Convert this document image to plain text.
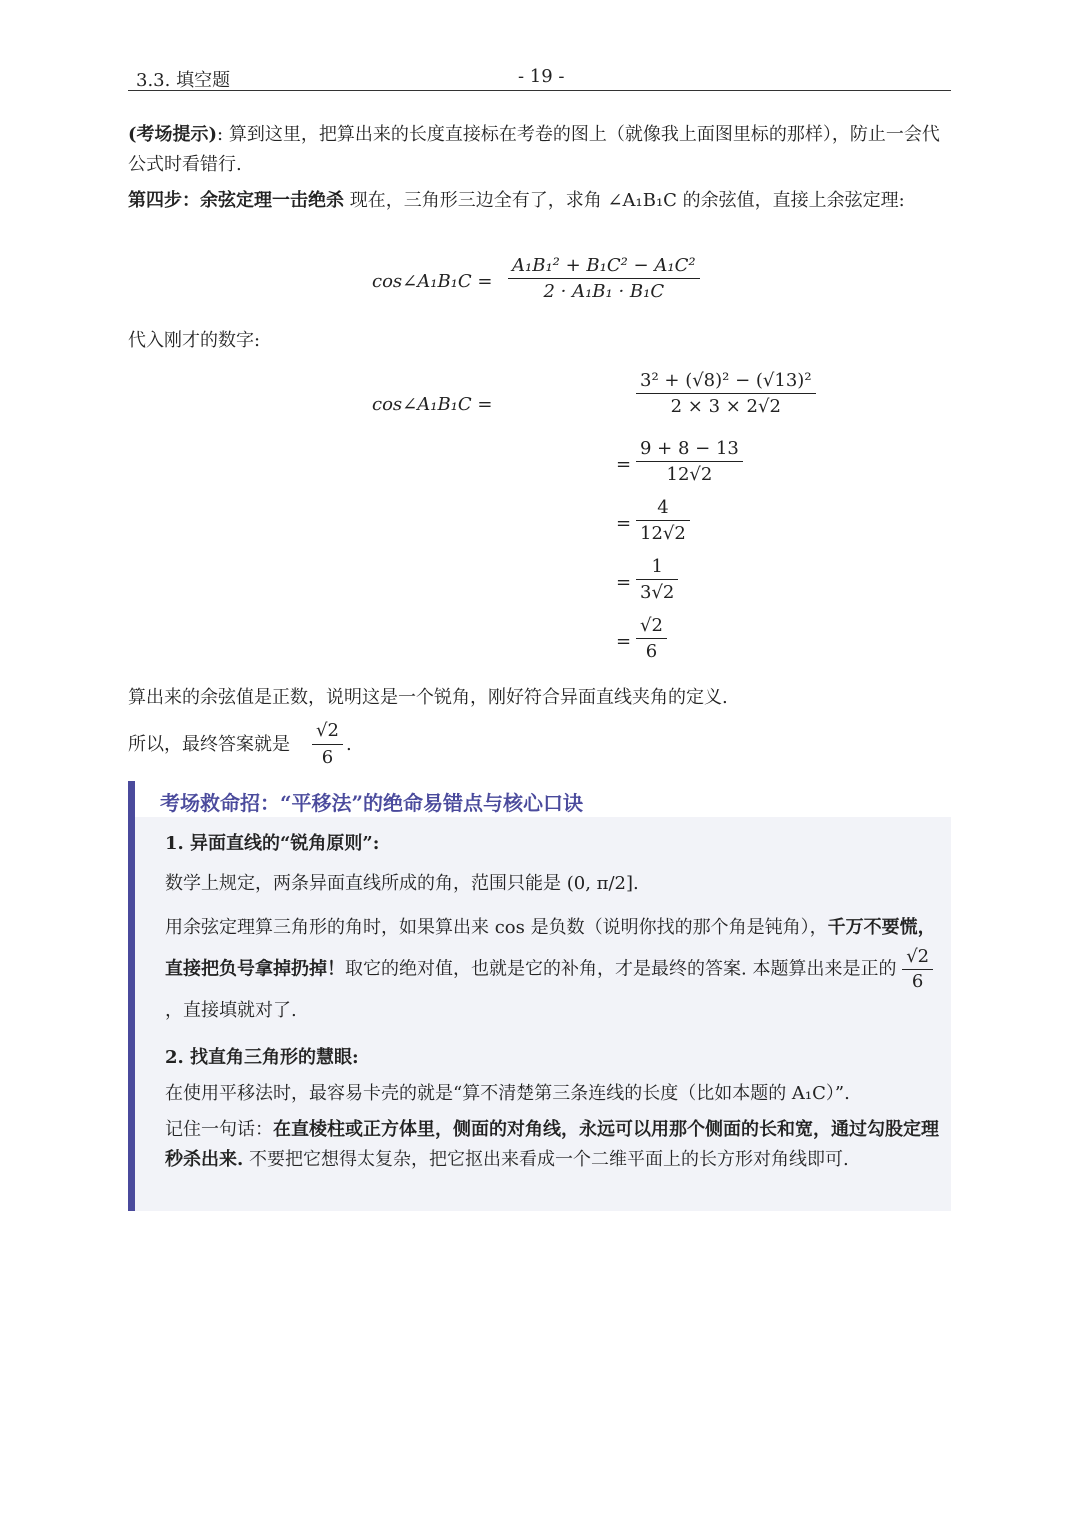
3.3. 填空题	- 19 -
(考场提示): 算到这里，把算出来的长度直接标在考卷的图上（就像我上面图里标的那样），防止一会代公式时看错行.
第四步：余弦定理一击绝杀 现在，三角形三边全有了，求角 ∠A₁B₁C 的余弦值，直接上余弦定理:
cos∠A₁B₁C = $\frac{\text{A₁B₁² + B₁C² − A₁C²}}{\text{2 · A₁B₁ · B₁C}}$
代入刚才的数字:
cos∠A₁B₁C =	$\frac{\text{3² + (√8)² − (√13)²}}{2 \times 3 \times 2√2}$
= $\frac{9 + 8 - 13}{12√2}$
= $\frac{4}{12√2}$
= $\frac{1}{3√2}$
= $\frac{√2}{6}$
算出来的余弦值是正数，说明这是一个锐角，刚好符合异面直线夹角的定义.
所以，最终答案就是 $\frac{√2}{6}$ .
考场救命招：“平移法”的绝命易错点与核心口诀
1. 异面直线的“锐角原则”:
数学上规定，两条异面直线所成的角，范围只能是 (0, π/2].
用余弦定理算三角形的角时，如果算出来 cos 是负数（说明你找的那个角是钝角），千万不要慌，直接把负号拿掉扔掉！取它的绝对值，也就是它的补角，才是最终的答案. 本题算出来是正的 $\frac{√2}{6}$
，直接填就对了.
2. 找直角三角形的慧眼:
在使用平移法时，最容易卡壳的就是“算不清楚第三条连线的长度（比如本题的 A₁C）”.
记住一句话：在直棱柱或正方体里，侧面的对角线，永远可以用那个侧面的长和宽，通过勾股定理秒杀出来. 不要把它想得太复杂，把它抠出来看成一个二维平面上的长方形对角线即可.
